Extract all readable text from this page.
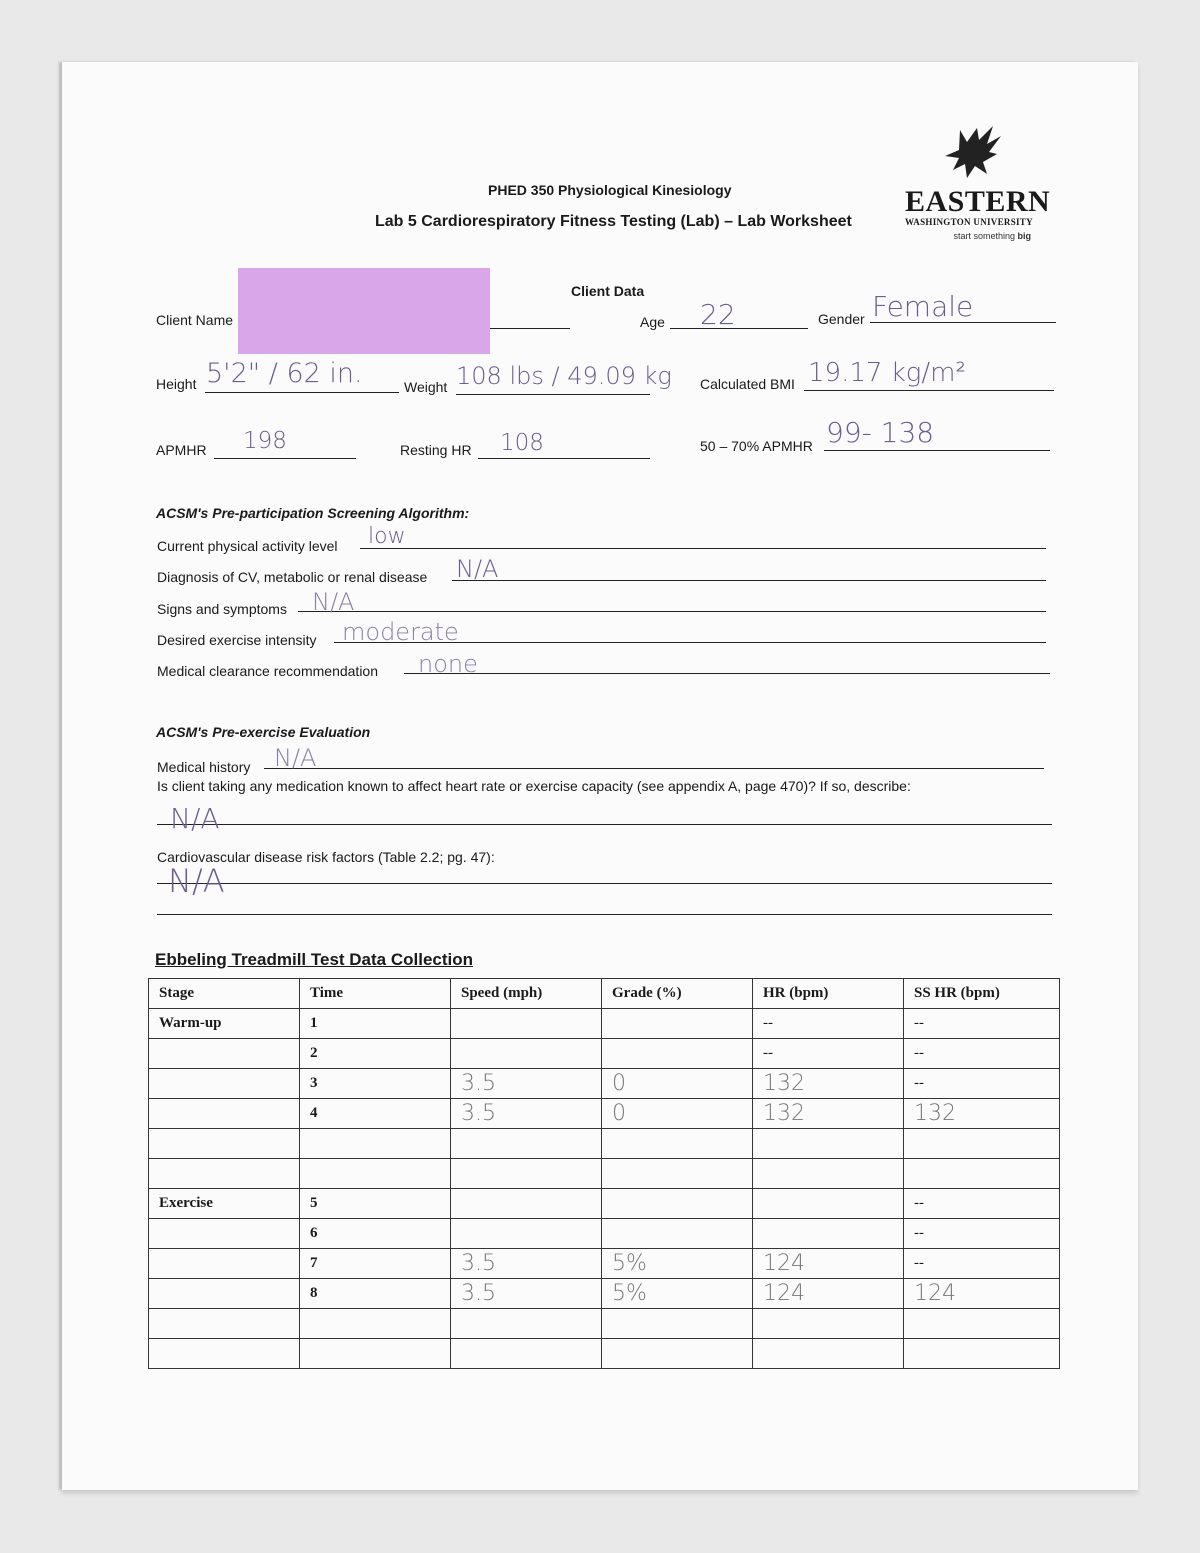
PHED 350 Physiological Kinesiology
Lab 5 Cardiorespiratory Fitness Testing (Lab) – Lab Worksheet
EASTERN
WASHINGTON UNIVERSITY
start something big
Client Data
Client Name	Age 22	Gender Female
Height 5'2" / 62 in.	Weight 108 lbs / 49.09 kg Calculated BMI 19.17 kg/m²
APMHR 198	Resting HR 108	50 – 70% APMHR 99- 138
ACSM's Pre-participation Screening Algorithm:
Current physical activity level low
Diagnosis of CV, metabolic or renal disease N/A
Signs and symptoms N/A
Desired exercise intensity moderate
Medical clearance recommendation none
ACSM's Pre-exercise Evaluation
Medical history N/A
Is client taking any medication known to affect heart rate or exercise capacity (see appendix A, page 470)? If so, describe:
N/A
Cardiovascular disease risk factors (Table 2.2; pg. 47):
N/A
Ebbeling Treadmill Test Data Collection
Stage	Time	Speed (mph)	Grade (%)	HR (bpm)	SS HR (bpm)
Warm-up	1			--	--
	2			--	--
	3	3.5	0	132	--
	4	3.5	0	132	132

Exercise	5				--
	6				--
	7	3.5	5%	124	--
	8	3.5	5%	124	124
